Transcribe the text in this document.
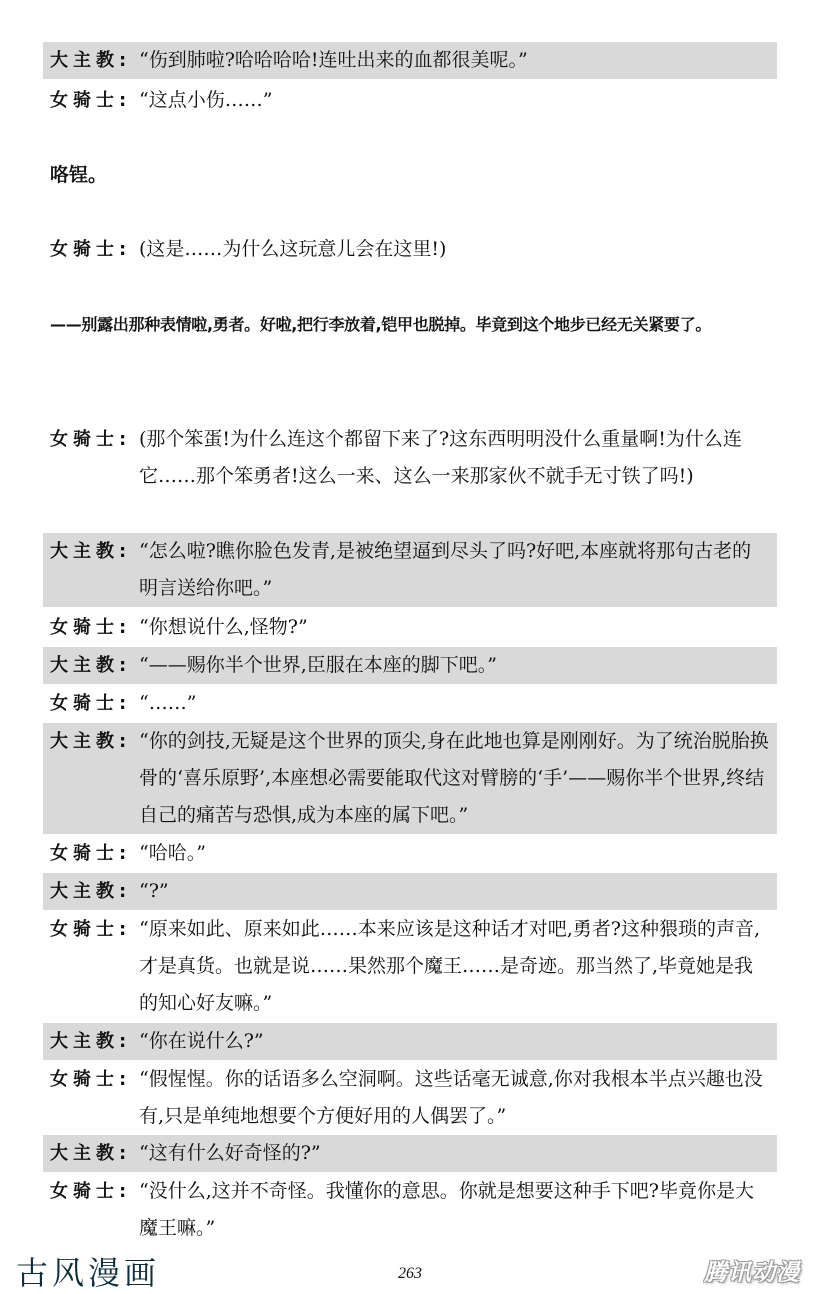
大主教: “伤到肺啦?哈哈哈哈!连吐出来的血都很美呢。”
女骑士: “这点小伤……”
咯锃。
女骑士: (这是……为什么这玩意儿会在这里!)
——别露出那种表情啦,勇者。好啦,把行李放着,铠甲也脱掉。毕竟到这个地步已经无关紧要了。
女骑士: (那个笨蛋!为什么连这个都留下来了?这东西明明没什么重量啊!为什么连它……那个笨勇者!这么一来、这么一来那家伙不就手无寸铁了吗!)
大主教: “怎么啦?瞧你脸色发青,是被绝望逼到尽头了吗?好吧,本座就将那句古老的明言送给你吧。”
女骑士: “你想说什么,怪物?”
大主教: “——赐你半个世界,臣服在本座的脚下吧。”
女骑士: “……”
大主教: “你的剑技,无疑是这个世界的顶尖,身在此地也算是刚刚好。为了统治脱胎换骨的‘喜乐原野’,本座想必需要能取代这对臂膀的‘手’——赐你半个世界,终结自己的痛苦与恐惧,成为本座的属下吧。”
女骑士: “哈哈。”
大主教: “?”
女骑士: “原来如此、原来如此……本来应该是这种话才对吧,勇者?这种猥琐的声音,才是真货。也就是说……果然那个魔王……是奇迹。那当然了,毕竟她是我的知心好友嘛。”
大主教: “你在说什么?”
女骑士: “假惺惺。你的话语多么空洞啊。这些话毫无诚意,你对我根本半点兴趣也没有,只是单纯地想要个方便好用的人偶罢了。”
大主教: “这有什么好奇怪的?”
女骑士: “没什么,这并不奇怪。我懂你的意思。你就是想要这种手下吧?毕竟你是大魔王嘛。”
古风漫画	263	腾讯动漫
